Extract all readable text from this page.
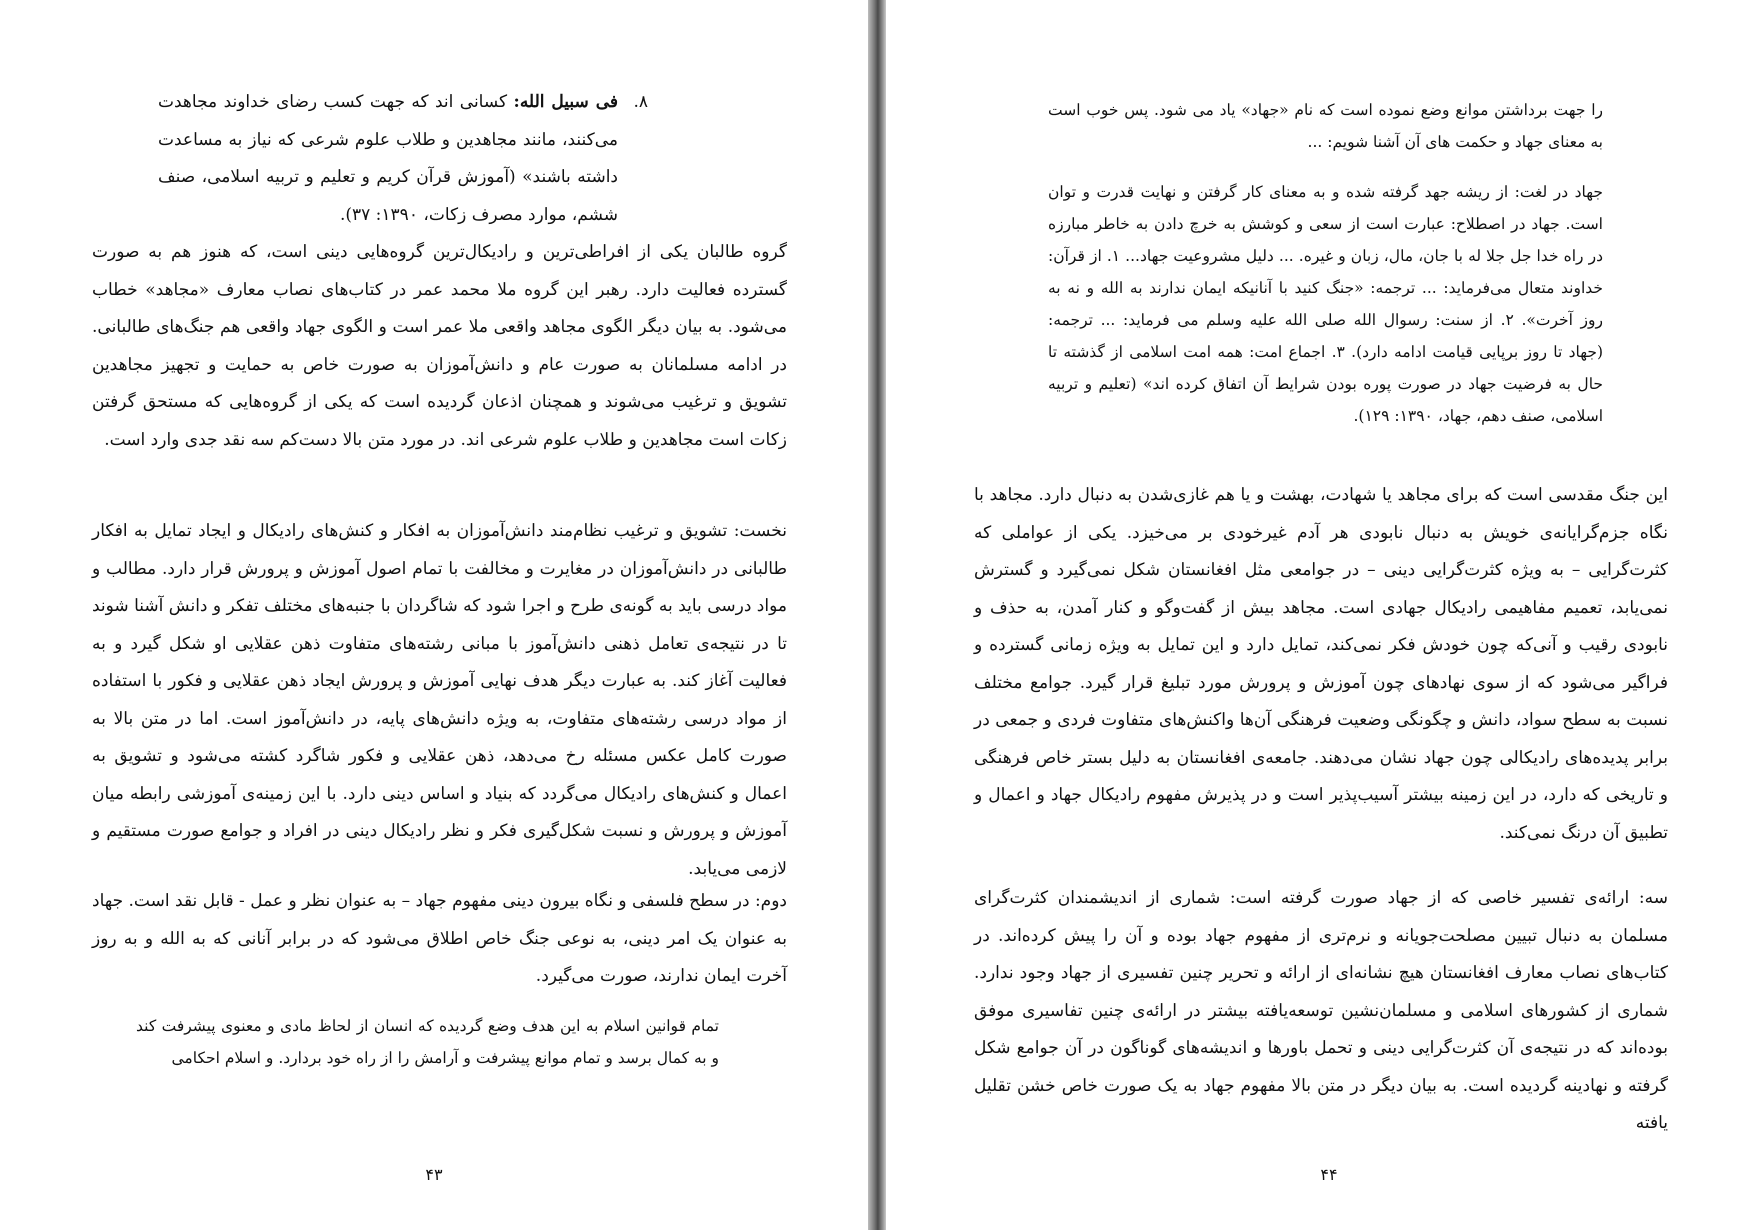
۸.
فی سبیل الله: کسانی اند که جهت کسب رضای خداوند مجاهدت می‌کنند، مانند مجاهدین و طلاب علوم شرعی که نیاز به مساعدت داشته باشند» (آموزش قرآن کریم و تعلیم و تربیه اسلامی، صنف ششم، موارد مصرف زکات، ۱۳۹۰: ۳۷).

گروه طالبان یکی از افراطی‌ترین و رادیکال‌ترین گروه‌هایی دینی است، که هنوز هم به صورت گسترده فعالیت دارد. رهبر این گروه ملا محمد عمر در کتاب‌های نصاب معارف «مجاهد» خطاب می‌شود. به بیان دیگر الگوی مجاهد واقعی ملا عمر است و الگوی جهاد واقعی هم جنگ‌های طالبانی. در ادامه مسلمانان به صورت عام و دانش‌آموزان به صورت خاص به حمایت و تجهیز مجاهدین تشویق و ترغیب می‌شوند و همچنان اذعان گردیده است که یکی از گروه‌هایی که مستحق گرفتن زکات است مجاهدین و طلاب علوم شرعی اند. در مورد متن بالا دست‌کم سه نقد جدی وارد است.

نخست: تشویق و ترغیب نظام‌مند دانش‌آموزان به افکار و کنش‌های رادیکال و ایجاد تمایل به افکار طالبانی در دانش‌آموزان در مغایرت و مخالفت با تمام اصول آموزش و پرورش قرار دارد. مطالب و مواد درسی باید به گونه‌ی طرح و اجرا شود که شاگردان با جنبه‌های مختلف تفکر و دانش آشنا شوند تا در نتیجه‌ی تعامل ذهنی دانش‌آموز با مبانی رشته‌های متفاوت ذهن عقلایی او شکل گیرد و به فعالیت آغاز کند. به عبارت دیگر هدف نهایی آموزش و پرورش ایجاد ذهن عقلایی و فکور با استفاده از مواد درسی رشته‌های متفاوت، به ویژه دانش‌های پایه، در دانش‌آموز است. اما در متن بالا به صورت کامل عکس مسئله رخ می‌دهد، ذهن عقلایی و فکور شاگرد کشته می‌شود و تشویق به اعمال و کنش‌های رادیکال می‌گردد که بنیاد و اساس دینی دارد. با این زمینه‌ی آموزشی رابطه میان آموزش و پرورش و نسبت شکل‌گیری فکر و نظر رادیکال دینی در افراد و جوامع صورت مستقیم و لازمی می‌یابد.

دوم: در سطح فلسفی و نگاه بیرون دینی مفهوم جهاد – به عنوان نظر و عمل - قابل نقد است. جهاد به عنوان یک امر دینی، به نوعی جنگ خاص اطلاق می‌شود که در برابر آنانی که به الله و به روز آخرت ایمان ندارند، صورت می‌گیرد.

تمام قوانین اسلام به این هدف وضع گردیده که انسان از لحاظ مادی و معنوی پیشرفت کند و به کمال برسد و تمام موانع پیشرفت و آرامش را از راه خود بردارد. و اسلام احکامی

۴۳

را جهت برداشتن موانع وضع نموده است که نام «جهاد» یاد می شود. پس خوب است به معنای جهاد و حکمت های آن آشنا شویم: ...

جهاد در لغت: از ریشه جهد گرفته شده و به معنای کار گرفتن و نهایت قدرت و توان است. جهاد در اصطلاح: عبارت است از سعی و کوشش به خرچ دادن به خاطر مبارزه در راه خدا جل جلا له با جان، مال، زبان و غیره. ... دلیل مشروعیت جهاد... ۱. از قرآن: خداوند متعال می‌فرماید: ... ترجمه: «جنگ کنید با آنانیکه ایمان ندارند به الله و نه به روز آخرت». ۲. از سنت: رسوال الله صلی الله علیه وسلم می فرماید: ... ترجمه: (جهاد تا روز برپایی قیامت ادامه دارد). ۳. اجماع امت: همه امت اسلامی از گذشته تا حال به فرضیت جهاد در صورت پوره بودن شرایط آن اتفاق کرده اند» (تعلیم و تربیه اسلامی، صنف دهم، جهاد، ۱۳۹۰: ۱۲۹).

این جنگ مقدسی است که برای مجاهد یا شهادت، بهشت و یا هم غازی‌شدن به دنبال دارد. مجاهد با نگاه جزم‌گرایانه‌ی خویش به دنبال نابودی هر آدم غیرخودی بر می‌خیزد. یکی از عواملی که کثرت‌گرایی – به ویژه کثرت‌گرایی دینی – در جوامعی مثل افغانستان شکل نمی‌گیرد و گسترش نمی‌یابد، تعمیم مفاهیمی رادیکال جهادی است. مجاهد بیش از گفت‌وگو و کنار آمدن، به حذف و نابودی رقیب و آنی‌که چون خودش فکر نمی‌کند، تمایل دارد و این تمایل به ویژه زمانی گسترده و فراگیر می‌شود که از سوی نهادهای چون آموزش و پرورش مورد تبلیغ قرار گیرد. جوامع مختلف نسبت به سطح سواد، دانش و چگونگی وضعیت فرهنگی آن‌ها واکنش‌های متفاوت فردی و جمعی در برابر پدیده‌های رادیکالی چون جهاد نشان می‌دهند. جامعه‌ی افغانستان به دلیل بستر خاص فرهنگی و تاریخی که دارد، در این زمینه بیشتر آسیب‌پذیر است و در پذیرش مفهوم رادیکال جهاد و اعمال و تطبیق آن درنگ نمی‌کند.

سه: ارائه‌ی تفسیر خاصی که از جهاد صورت گرفته است: شماری از اندیشمندان کثرت‌گرای مسلمان به دنبال تبیین مصلحت‌جویانه و نرم‌تری از مفهوم جهاد بوده و آن را پیش کرده‌اند. در کتاب‌های نصاب معارف افغانستان هیچ نشانه‌ای از ارائه و تحریر چنین تفسیری از جهاد وجود ندارد. شماری از کشورهای اسلامی و مسلمان‌نشین توسعه‌یافته بیشتر در ارائه‌ی چنین تفاسیری موفق بوده‌اند که در نتیجه‌ی آن کثرت‌گرایی دینی و تحمل باورها و اندیشه‌های گوناگون در آن جوامع شکل گرفته و نهادینه گردیده است. به بیان دیگر در متن بالا مفهوم جهاد به یک صورت خاص خشن تقلیل یافته

۴۴
